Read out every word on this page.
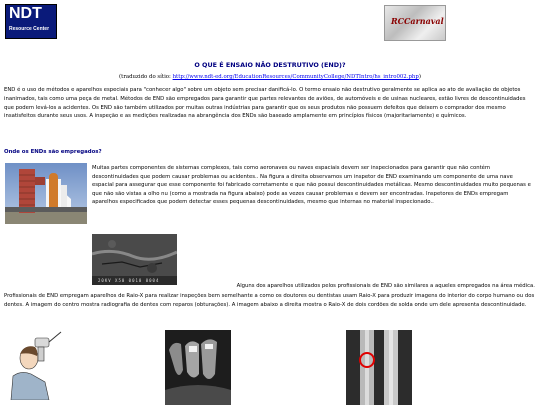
NDT
Resource Center
RCCarnaval
O QUE É ENSAIO NÃO DESTRUTIVO (END)?
(traduzido do sítio: http://www.ndt-ed.org/EducationResources/CommunityCollege/NDTIntro/hs_intro002.php)
END é o uso de métodos e aparelhos especiais para "conhecer algo" sobre um objeto sem precisar danificá-lo. O termo ensaio não destrutivo geralmente se aplica ao ato de avaliação de objetos inanimados, tais como uma peça de metal. Métodos de END são empregados para garantir que partes relevantes de aviões, de automóveis e de usinas nucleares, estão livres de descontinuidades que podem levá-los a acidentes. Os END são também utilizados por muitas outras indústrias para garantir que os seus produtos não possuem defeitos que deixem o comprador dos mesmo insatisfeitos durante seus usos. A inspeção e as medições realizadas na abrangência dos ENDs são baseado amplamente em princípios físicos (majoritariamente) e químicos.
Onde os ENDs são empregados?
Muitas partes componentes de sistemas complexos, tais como aeronaves ou naves espaciais devem ser inspecionados para garantir que não contém descontinuidades que podem causar problemas ou acidentes.. Na figura a direita observamos um inspetor de END examinando um componente de uma nave espacial para assegurar que esse componente foi fabricado corretamente e que não possui descontinuidades metálicas. Mesmo descontinuidades muito pequenas e que não são vistas a olho nu (como a mostrada na figura abaixo) pode as vezes causar problemas e devem ser encontradas. Inspetores de ENDs empregam aparelhos especificados que podem detectar esses pequenas descontinuidades, mesmo que internas no material inspecionado..
20KV X50 0010 0004
Alguns dos aparelhos utilizados pelos profissionais de END são similares a aqueles empregados na área médica.
Profissionais de END empregam aparelhos de Raio-X para realizar inspeções bem semelhante a como os doutores ou dentistas usam Raio-X para produzir imagens do interior do corpo humano ou dos dentes. A imagem do centro mostra radiografia de dentes com reparos (obturações). A imagem abaixo a direita mostra o Raio-X de dois cordões de solda onde um dele apresenta descontinuidade.
